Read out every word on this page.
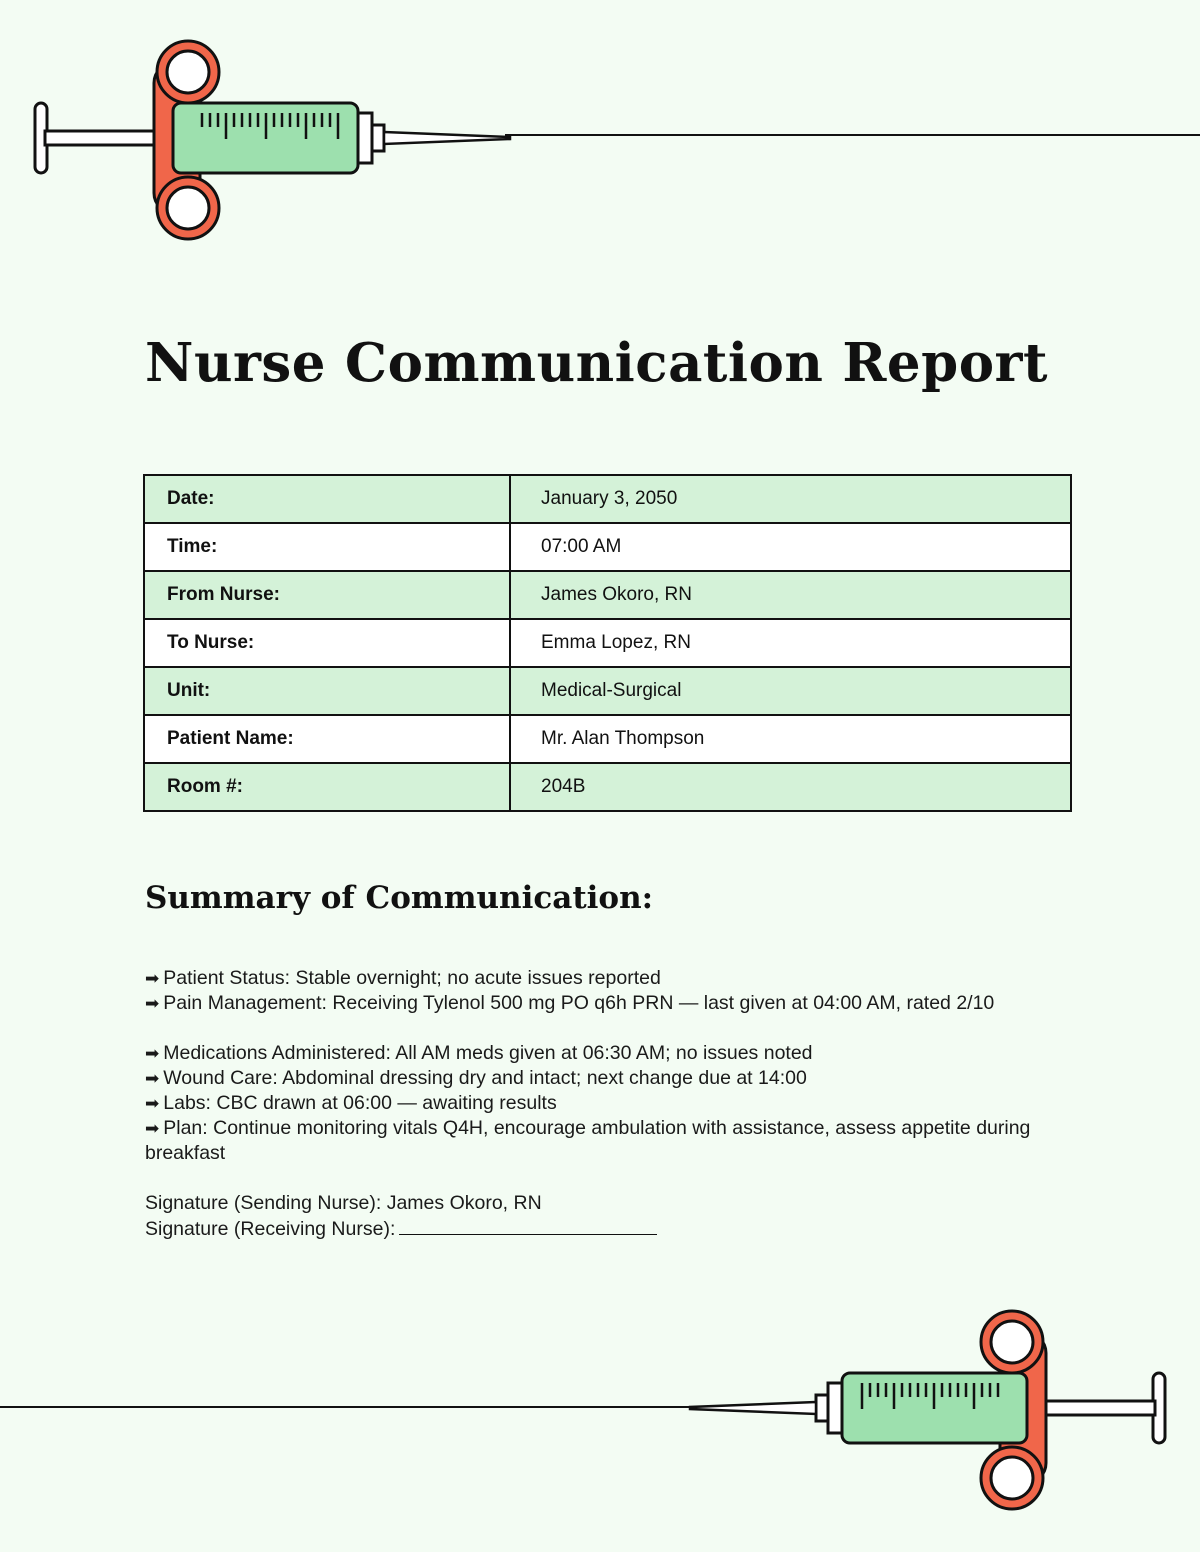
Nurse Communication Report
Date:	January 3, 2050
Time:	07:00 AM
From Nurse:	James Okoro, RN
To Nurse:	Emma Lopez, RN
Unit:	Medical-Surgical
Patient Name:	Mr. Alan Thompson
Room #:	204B
Summary of Communication:

➡ Patient Status: Stable overnight; no acute issues reported

➡ Pain Management: Receiving Tylenol 500 mg PO q6h PRN — last given at 04:00 AM, rated 2/10

➡ Medications Administered: All AM meds given at 06:30 AM; no issues noted

➡ Wound Care: Abdominal dressing dry and intact; next change due at 14:00

➡ Labs: CBC drawn at 06:00 — awaiting results

➡ Plan: Continue monitoring vitals Q4H, encourage ambulation with assistance, assess appetite during breakfast

Signature (Sending Nurse): James Okoro, RN

Signature (Receiving Nurse):
